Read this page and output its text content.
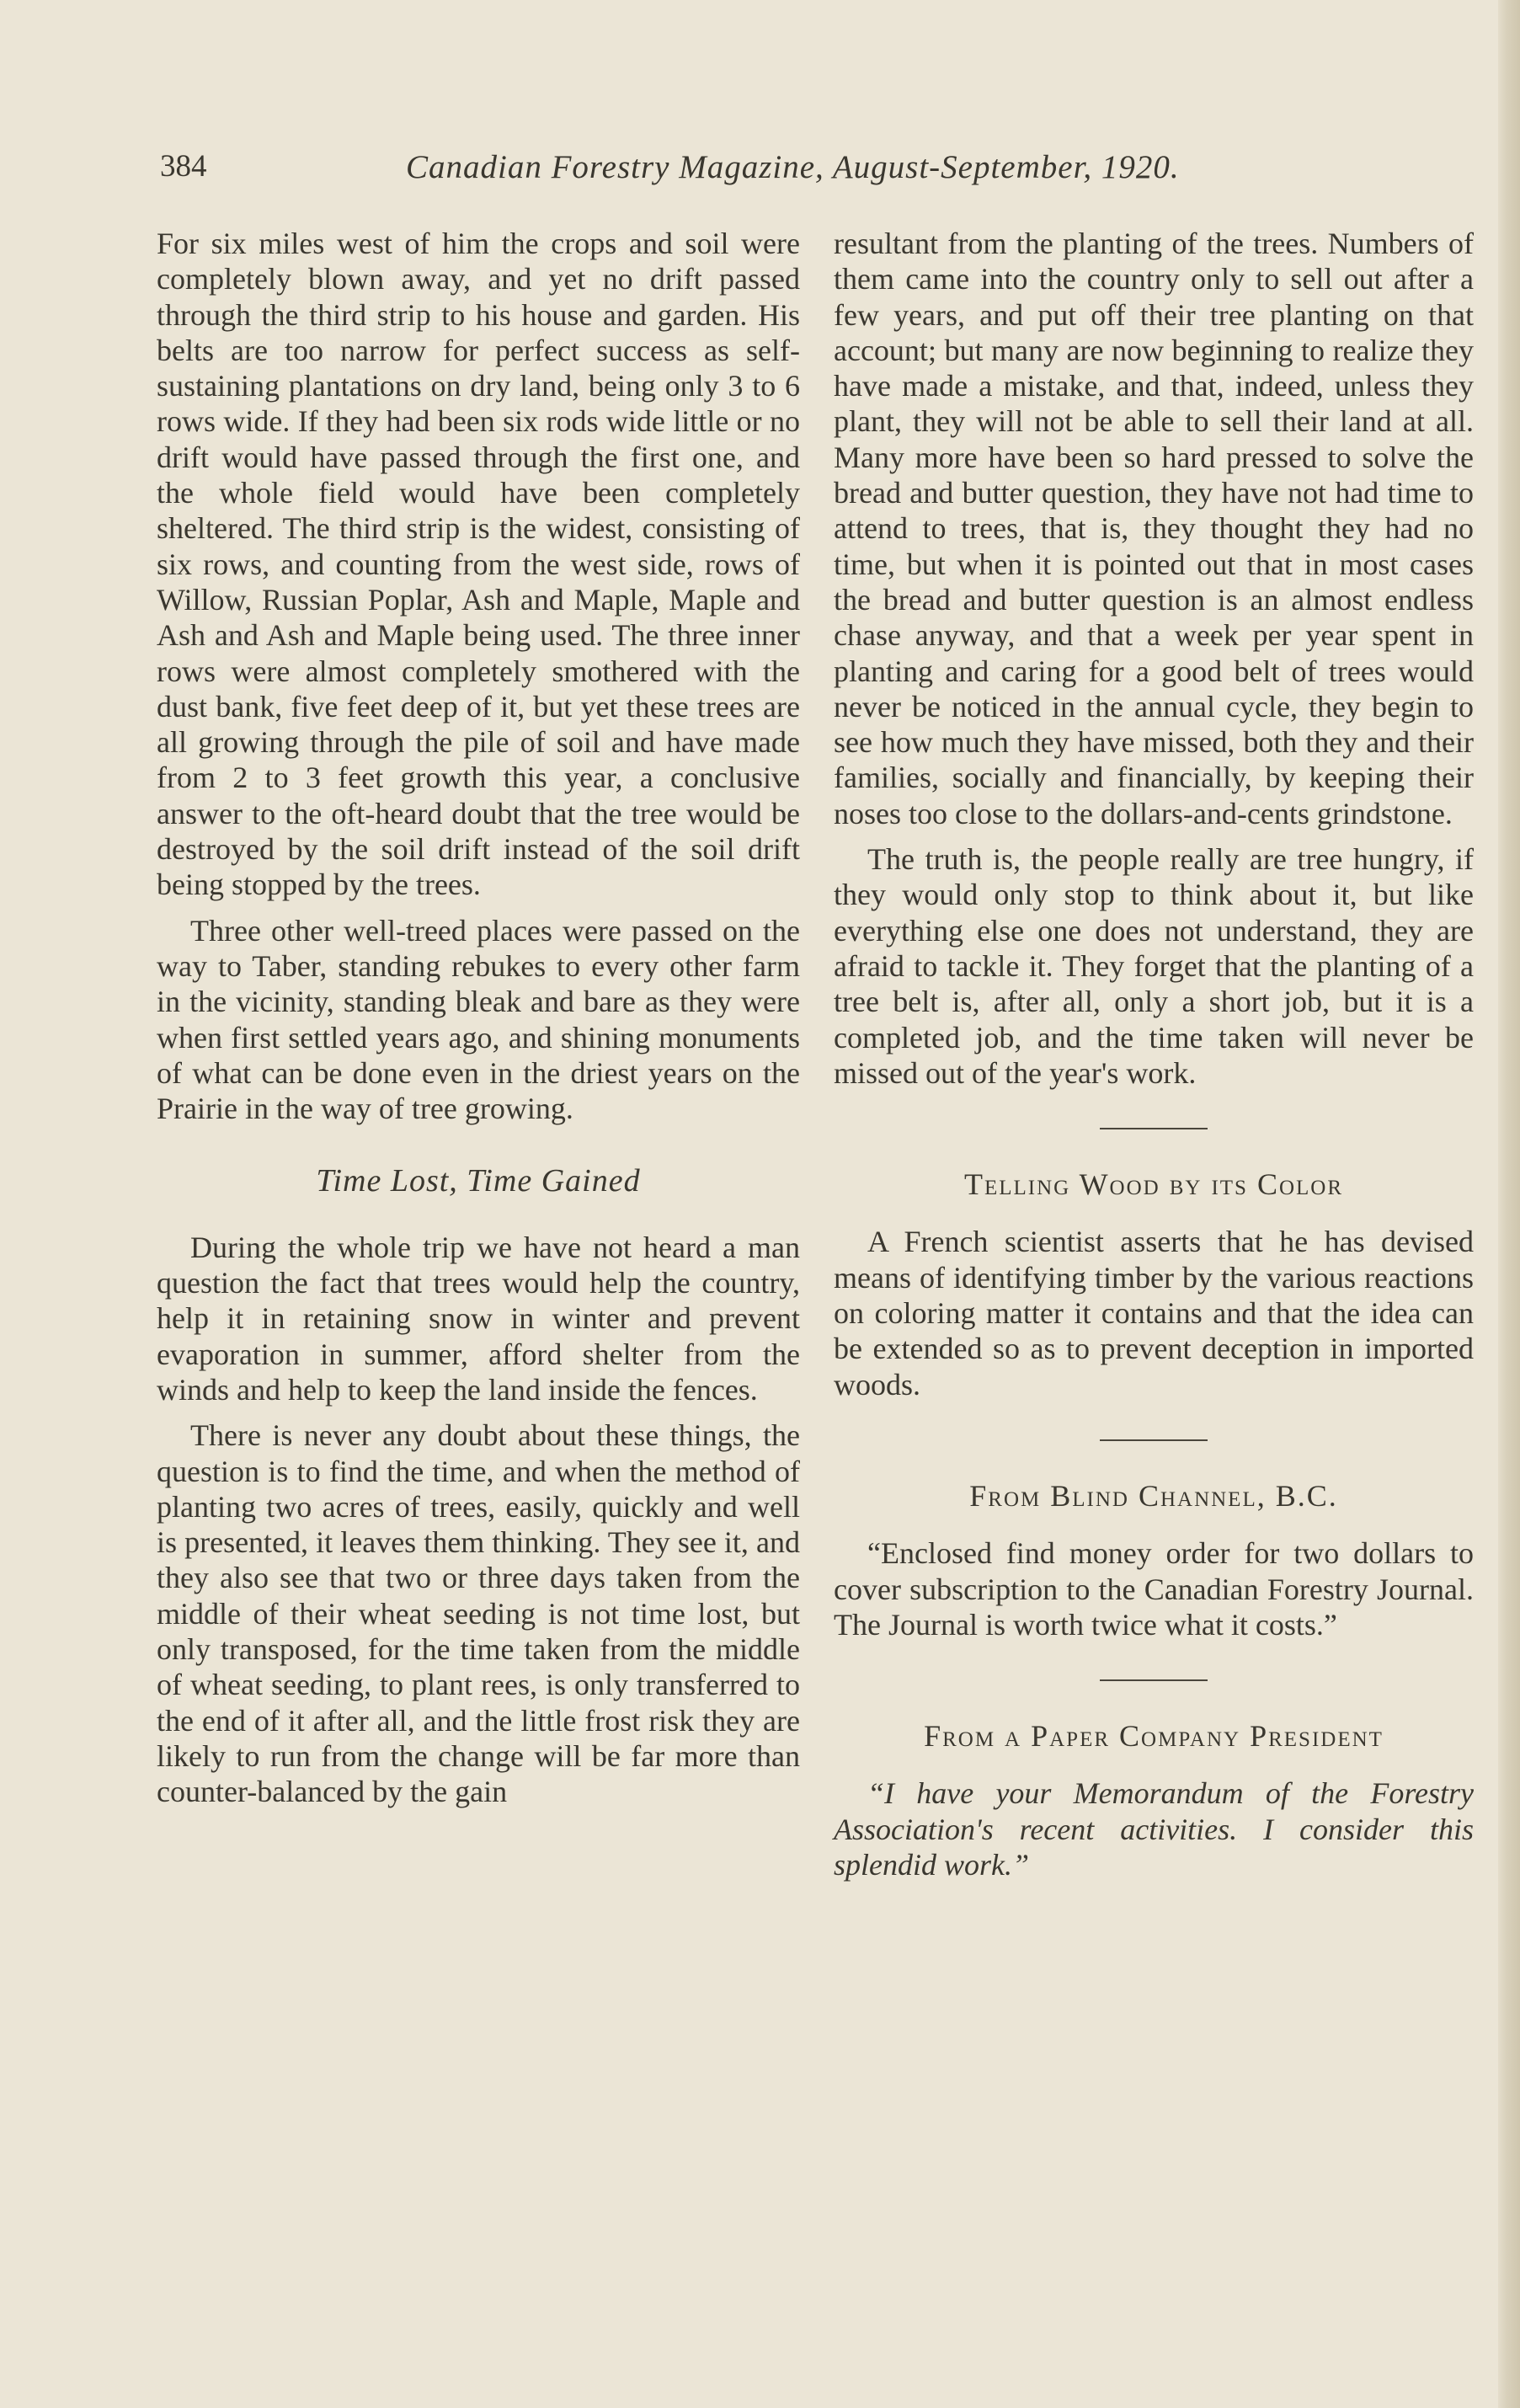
384	Canadian Forestry Magazine, August-September, 1920.

For six miles west of him the crops and soil were completely blown away, and yet no drift passed through the third strip to his house and garden. His belts are too narrow for perfect success as self-sustaining plantations on dry land, being only 3 to 6 rows wide. If they had been six rods wide little or no drift would have passed through the first one, and the whole field would have been completely sheltered. The third strip is the widest, consisting of six rows, and counting from the west side, rows of Willow, Russian Poplar, Ash and Maple, Maple and Ash and Ash and Maple being used. The three inner rows were almost completely smothered with the dust bank, five feet deep of it, but yet these trees are all growing through the pile of soil and have made from 2 to 3 feet growth this year, a conclusive answer to the oft-heard doubt that the tree would be destroyed by the soil drift instead of the soil drift being stopped by the trees.

Three other well-treed places were passed on the way to Taber, standing rebukes to every other farm in the vicinity, standing bleak and bare as they were when first settled years ago, and shining monuments of what can be done even in the driest years on the Prairie in the way of tree growing.

Time Lost, Time Gained

During the whole trip we have not heard a man question the fact that trees would help the country, help it in retaining snow in winter and prevent evaporation in summer, afford shelter from the winds and help to keep the land inside the fences.

There is never any doubt about these things, the question is to find the time, and when the method of planting two acres of trees, easily, quickly and well is presented, it leaves them thinking. They see it, and they also see that two or three days taken from the middle of their wheat seeding is not time lost, but only transposed, for the time taken from the middle of wheat seeding, to plant rees, is only transferred to the end of it after all, and the little frost risk they are likely to run from the change will be far more than counter-balanced by the gain

resultant from the planting of the trees. Numbers of them came into the country only to sell out after a few years, and put off their tree planting on that account; but many are now beginning to realize they have made a mistake, and that, indeed, unless they plant, they will not be able to sell their land at all. Many more have been so hard pressed to solve the bread and butter question, they have not had time to attend to trees, that is, they thought they had no time, but when it is pointed out that in most cases the bread and butter question is an almost endless chase anyway, and that a week per year spent in planting and caring for a good belt of trees would never be noticed in the annual cycle, they begin to see how much they have missed, both they and their families, socially and financially, by keeping their noses too close to the dollars-and-cents grindstone.

The truth is, the people really are tree hungry, if they would only stop to think about it, but like everything else one does not understand, they are afraid to tackle it. They forget that the planting of a tree belt is, after all, only a short job, but it is a completed job, and the time taken will never be missed out of the year's work.

Telling Wood by its Color

A French scientist asserts that he has devised means of identifying timber by the various reactions on coloring matter it contains and that the idea can be extended so as to prevent deception in imported woods.

From Blind Channel, B.C.

“Enclosed find money order for two dollars to cover subscription to the Canadian Forestry Journal. The Journal is worth twice what it costs.”

From a Paper Company President

“I have your Memorandum of the Forestry Association's recent activities. I consider this splendid work.”
